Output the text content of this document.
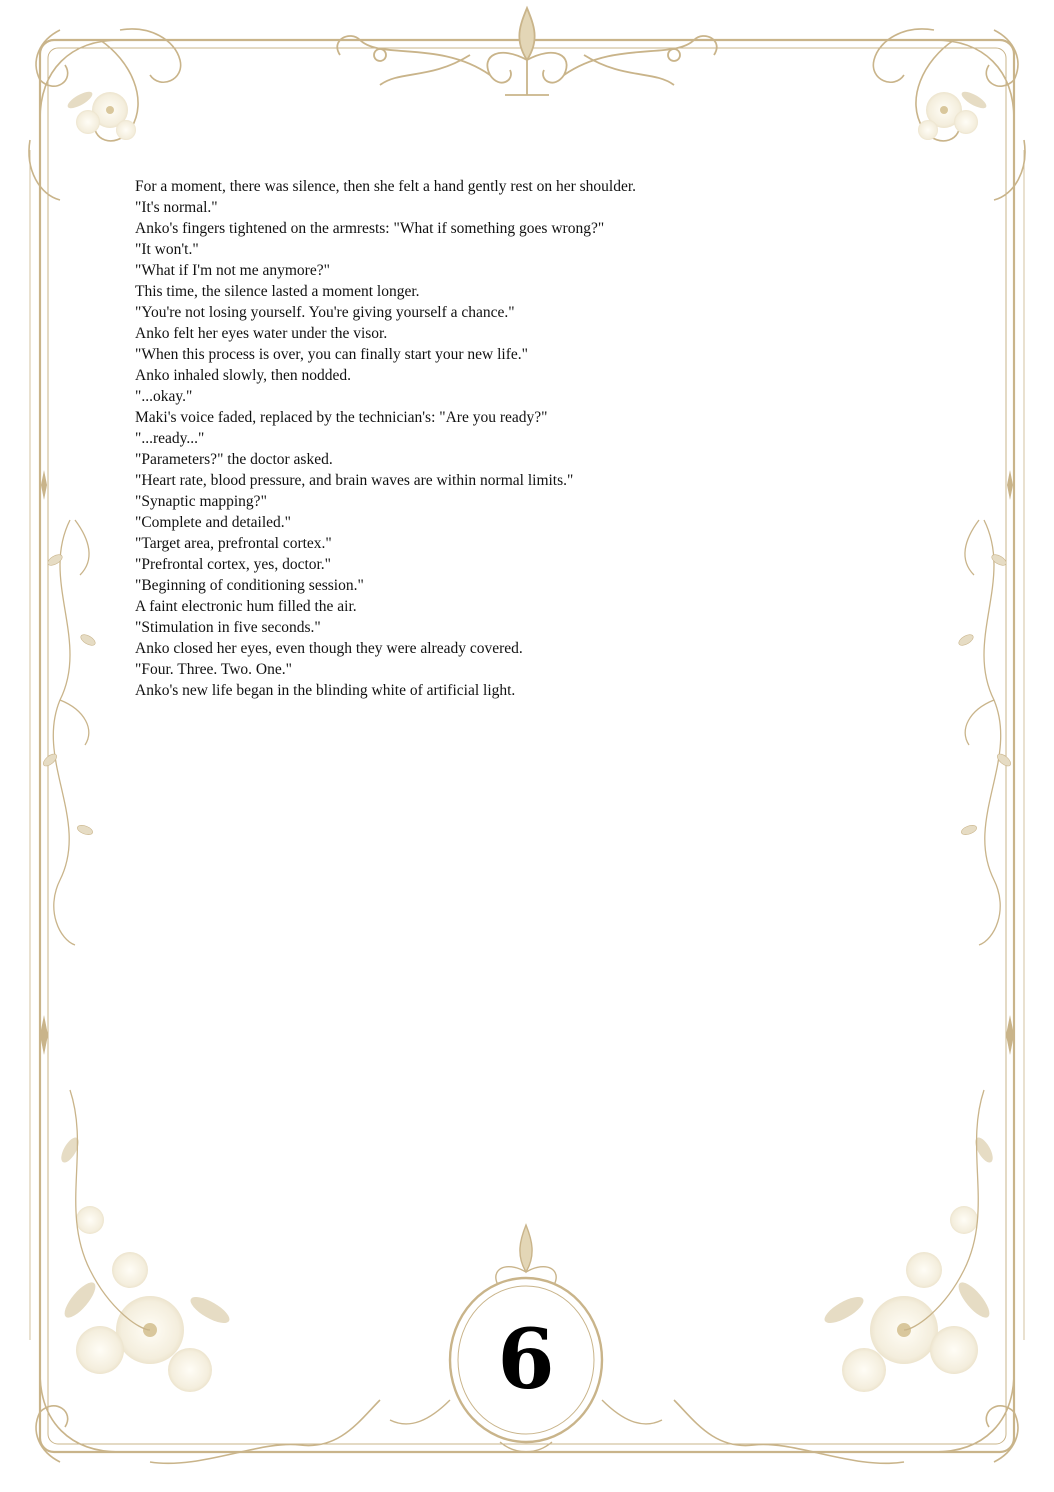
For a moment, there was silence, then she felt a hand gently rest on her shoulder.

"It's normal."

Anko's fingers tightened on the armrests: "What if something goes wrong?"

"It won't."

"What if I'm not me anymore?"

This time, the silence lasted a moment longer.

"You're not losing yourself. You're giving yourself a chance."

Anko felt her eyes water under the visor.

"When this process is over, you can finally start your new life."

Anko inhaled slowly, then nodded.

"...okay."

Maki's voice faded, replaced by the technician's: "Are you ready?"

"...ready..."

"Parameters?" the doctor asked.

"Heart rate, blood pressure, and brain waves are within normal limits."

"Synaptic mapping?"

"Complete and detailed."

"Target area, prefrontal cortex."

"Prefrontal cortex, yes, doctor."

"Beginning of conditioning session."

A faint electronic hum filled the air.

"Stimulation in five seconds."

Anko closed her eyes, even though they were already covered.

"Four. Three. Two. One."

Anko's new life began in the blinding white of artificial light.

6
